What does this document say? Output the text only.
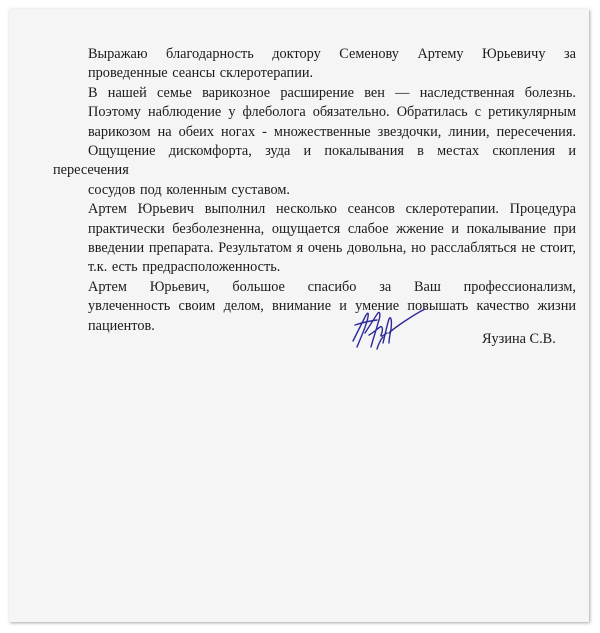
Выражаю благодарность доктору Семенову Артему Юрьевичу за
проведенные сеансы склеротерапии.
В нашей семье варикозное расширение вен — наследственная болезнь.
Поэтому наблюдение у флеболога обязательно. Обратилась с ретикулярным
варикозом на обеих ногах - множественные звездочки, линии, пересечения.
Ощущение дискомфорта, зуда и покалывания в местах скопления и пересечения
сосудов под коленным суставом.
Артем Юрьевич выполнил несколько сеансов склеротерапии. Процедура
практически безболезненна, ощущается слабое жжение и покалывание при
введении препарата. Результатом я очень довольна, но расслабляться не стоит,
т.к. есть предрасположенность.
Артем Юрьевич, большое спасибо за Ваш профессионализм,
увлеченность своим делом, внимание и умение повышать качество жизни
пациентов.
Яузина С.В.
